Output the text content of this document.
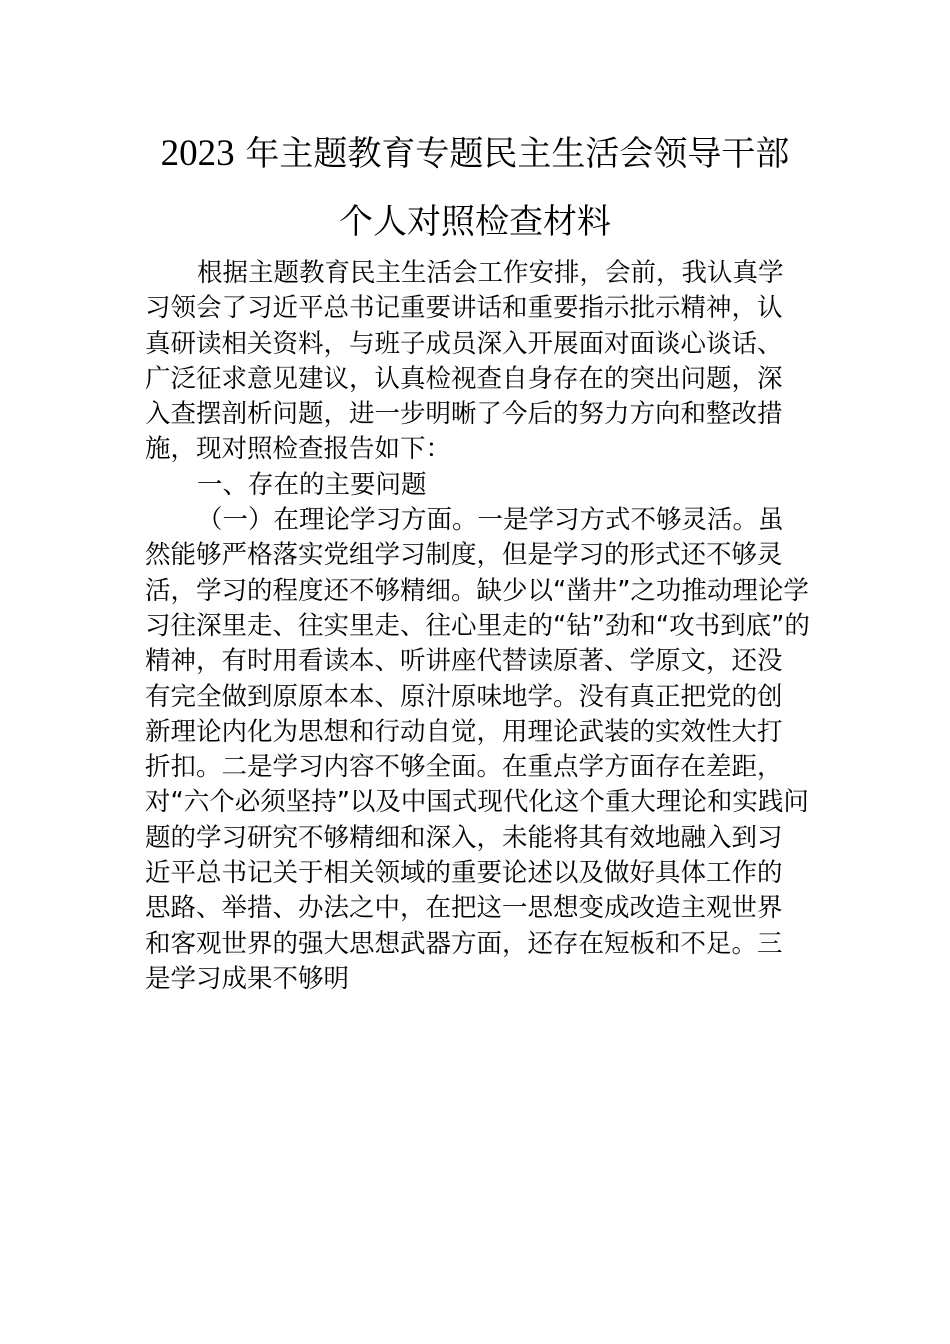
2023 年主题教育专题民主生活会领导干部
个人对照检查材料
根据主题教育民主生活会工作安排，会前，我认真学
习领会了习近平总书记重要讲话和重要指示批示精神，认
真研读相关资料，与班子成员深入开展面对面谈心谈话、
广泛征求意见建议，认真检视查自身存在的突出问题，深
入查摆剖析问题，进一步明晰了今后的努力方向和整改措
施，现对照检查报告如下：
一、存在的主要问题
（一）在理论学习方面。一是学习方式不够灵活。虽
然能够严格落实党组学习制度，但是学习的形式还不够灵
活，学习的程度还不够精细。缺少以“凿井”之功推动理论学
习往深里走、往实里走、往心里走的“钻”劲和“攻书到底”的
精神，有时用看读本、听讲座代替读原著、学原文，还没
有完全做到原原本本、原汁原味地学。没有真正把党的创
新理论内化为思想和行动自觉，用理论武装的实效性大打
折扣。二是学习内容不够全面。在重点学方面存在差距，
对“六个必须坚持”以及中国式现代化这个重大理论和实践问
题的学习研究不够精细和深入，未能将其有效地融入到习
近平总书记关于相关领域的重要论述以及做好具体工作的
思路、举措、办法之中，在把这一思想变成改造主观世界
和客观世界的强大思想武器方面，还存在短板和不足。三
是学习成果不够明
